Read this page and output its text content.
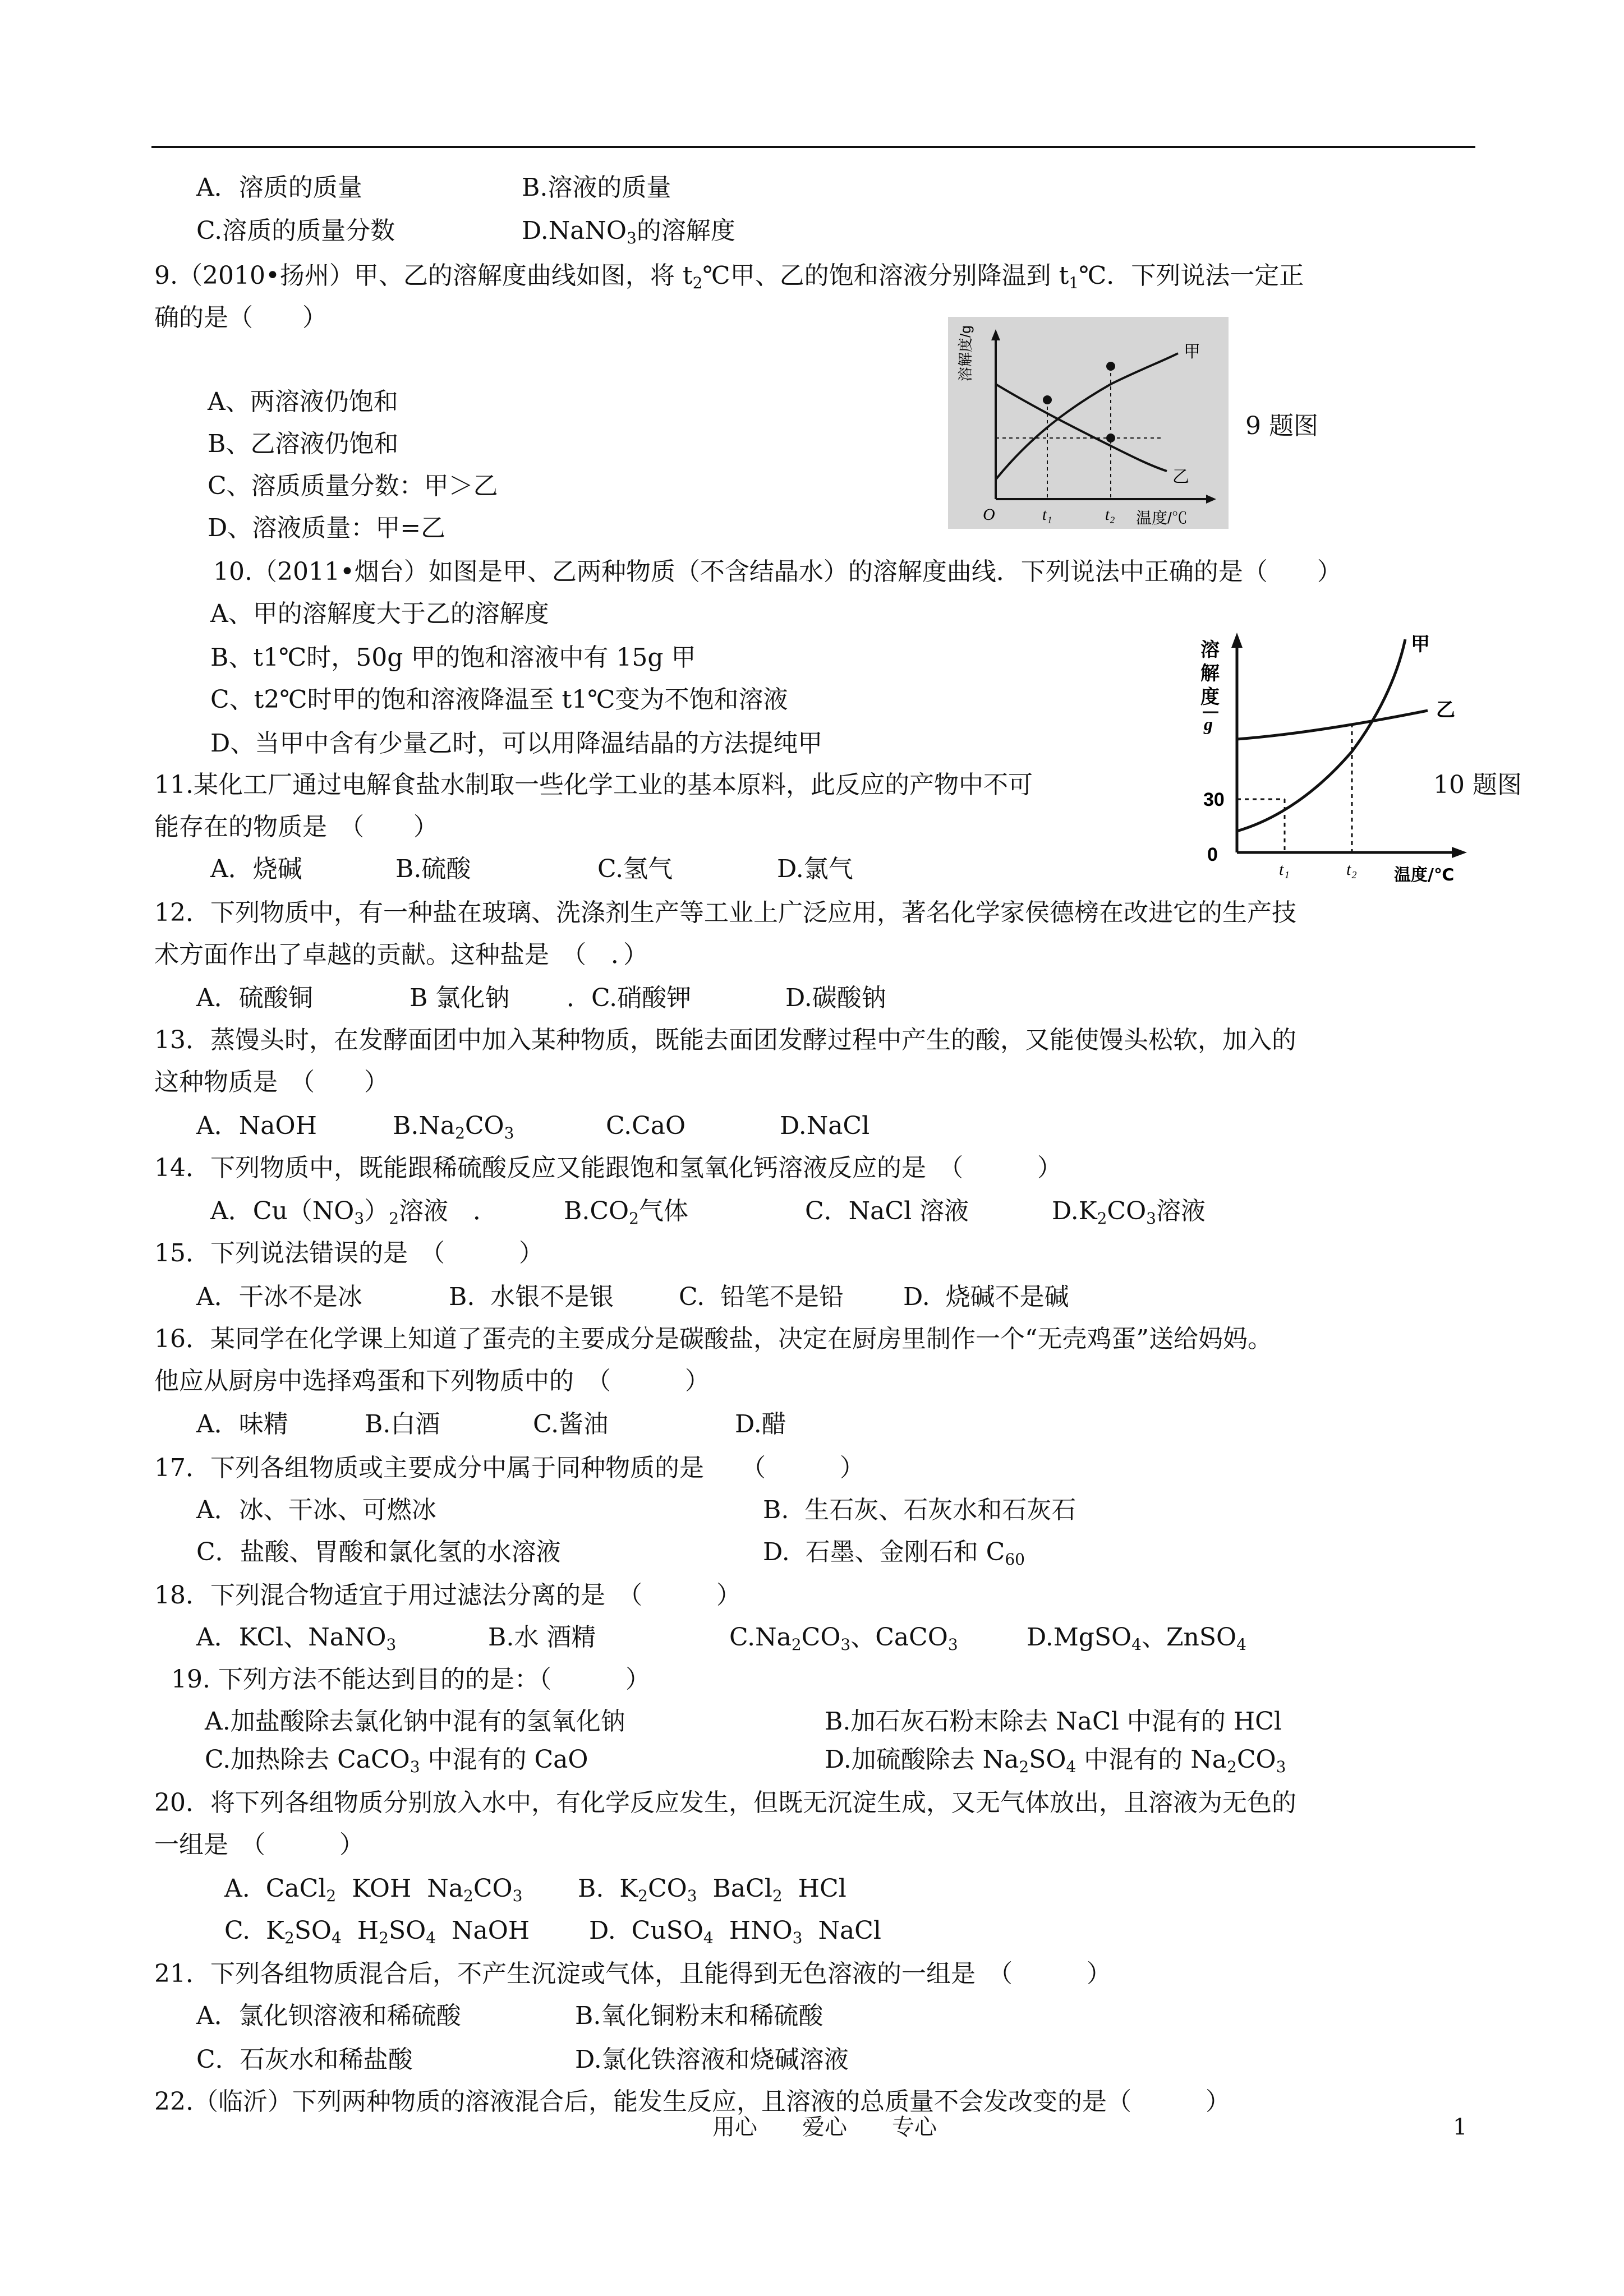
A．溶质的质量	B.溶液的质量
C.溶质的质量分数	D.NaNO$_3$的溶解度
9.（2010•扬州）甲、乙的溶解度曲线如图，将 $t_2℃$甲、乙的饱和溶液分别降温到 $t_1℃$．下列说法一定正
确的是（　　）
A、两溶液仍饱和
B、乙溶液仍饱和
C、溶质质量分数：甲＞乙
D、溶液质量：甲=乙
10.（2011•烟台）如图是甲、乙两种物质（不含结晶水）的溶解度曲线．下列说法中正确的是（　　）
A、甲的溶解度大于乙的溶解度
B、t1℃时，50g 甲的饱和溶液中有 15g 甲
C、t2℃时甲的饱和溶液降温至 t1℃变为不饱和溶液
D、当甲中含有少量乙时，可以用降温结晶的方法提纯甲
11.某化工厂通过电解食盐水制取一些化学工业的基本原料，此反应的产物中不可
能存在的物质是　（　　）
A．烧碱	B.硫酸	C.氢气	D.氯气
12．下列物质中，有一种盐在玻璃、洗涤剂生产等工业上广泛应用，著名化学家侯德榜在改进它的生产技
术方面作出了卓越的贡献。这种盐是　（　．）
A．硫酸铜	B 氯化钠 ．C.硝酸钾	D.碳酸钠
13．蒸馒头时，在发酵面团中加入某种物质，既能去面团发酵过程中产生的酸，又能使馒头松软，加入的
这种物质是　（　　）
A．NaOH	$B.Na_2CO_3$	C.CaO	D.NaCl
14．下列物质中，既能跟稀硫酸反应又能跟饱和氢氧化钙溶液反应的是　（　　　）
A．$Cu(NO_3)_2$溶液　．	$B.CO_2$气体	C．NaCl 溶液	$D.K_2CO_3$溶液
15．下列说法错误的是　（　　　）
A．干冰不是冰	B.  水银不是银	C.  铅笔不是铅 D.  烧碱不是碱
16．某同学在化学课上知道了蛋壳的主要成分是碳酸盐，决定在厨房里制作一个“无壳鸡蛋”送给妈妈。
他应从厨房中选择鸡蛋和下列物质中的　（　　　）
A．味精	B.白酒	C.酱油	D.醋
17．下列各组物质或主要成分中属于同种物质的是　　（　　　）
A．冰、干冰、可燃冰	B.  生石灰、石灰水和石灰石
C．盐酸、胃酸和氯化氢的水溶液	D.  石墨、金刚石和 $C_{60}$
18．下列混合物适宜于用过滤法分离的是　（　　　）
A．KCl、NaNO$_3$	B.水 酒精	$C.Na_2CO_3$、CaCO$_3$	D.MgSO$_4$、ZnSO$_4$
19. 下列方法不能达到目的的是：（　　　）
A.加盐酸除去氯化钠中混有的氢氧化钠	B.加石灰石粉末除去 NaCl 中混有的 HCl
C.加热除去 CaCO$_3$ 中混有的 CaO	D.加硫酸除去 $Na_2SO_4$ 中混有的 $Na_2CO_3$
20．将下列各组物质分别放入水中，有化学反应发生，但既无沉淀生成，又无气体放出，且溶液为无色的
一组是　（　　　）
A.  CaCl$_2$  KOH  $Na_2CO_3$ B.  $K_2CO_3$  BaCl$_2$  HCl
C.  $K_2SO_4$  $H_2SO_4$  NaOH D.  CuSO$_4$  $HNO_3$  NaCl
21．下列各组物质混合后，不产生沉淀或气体，且能得到无色溶液的一组是　（　　　）
A．氯化钡溶液和稀硫酸	B.氧化铜粉末和稀硫酸
C．石灰水和稀盐酸	D.氯化铁溶液和烧碱溶液
22.（临沂）下列两种物质的溶液混合后，能发生反应，且溶液的总质量不会发改变的是（　　　）
溶解度/g
O	t₁	t₂ 温度/℃
甲
乙
9 题图
溶
解
度
g
30
0
t₁	t₂ 温度/℃
甲
乙
10 题图
用心 爱心 专心	1
